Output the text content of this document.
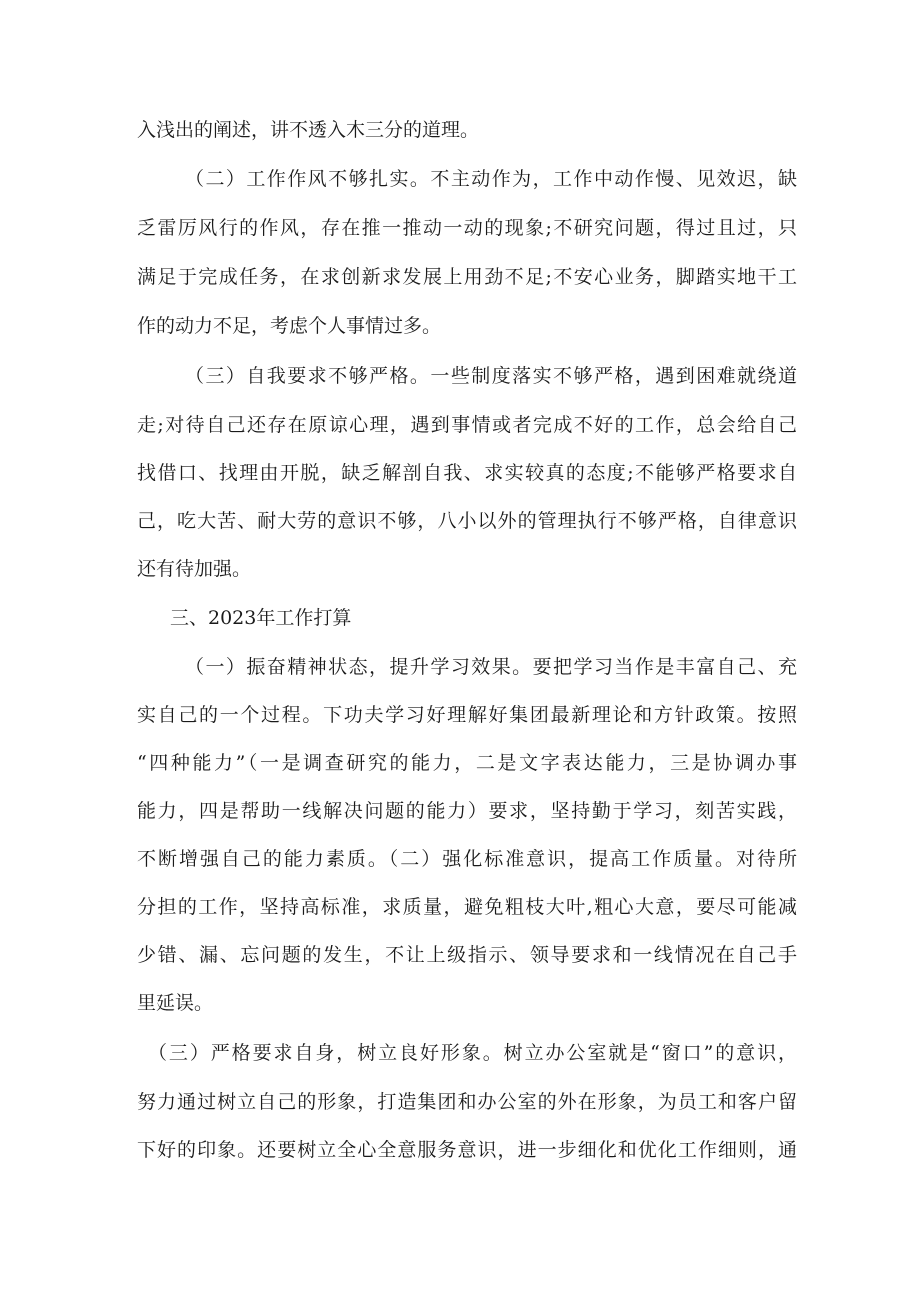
入浅出的阐述，讲不透入木三分的道理。
（二）工作作风不够扎实。不主动作为，工作中动作慢、见效迟，缺
乏雷厉风行的作风，存在推一推动一动的现象;不研究问题，得过且过，只
满足于完成任务，在求创新求发展上用劲不足;不安心业务，脚踏实地干工
作的动力不足，考虑个人事情过多。
（三）自我要求不够严格。一些制度落实不够严格，遇到困难就绕道
走;对待自己还存在原谅心理，遇到事情或者完成不好的工作，总会给自己
找借口、找理由开脱，缺乏解剖自我、求实较真的态度;不能够严格要求自
己，吃大苦、耐大劳的意识不够，八小以外的管理执行不够严格，自律意识
还有待加强。
三、2023年工作打算
（一）振奋精神状态，提升学习效果。要把学习当作是丰富自己、充
实自己的一个过程。下功夫学习好理解好集团最新理论和方针政策。按照
“四种能力”（一是调查研究的能力，二是文字表达能力，三是协调办事
能力，四是帮助一线解决问题的能力）要求，坚持勤于学习，刻苦实践，
不断增强自己的能力素质。（二）强化标准意识，提高工作质量。对待所
分担的工作，坚持高标准，求质量，避免粗枝大叶,粗心大意，要尽可能减
少错、漏、忘问题的发生，不让上级指示、领导要求和一线情况在自己手
里延误。
（三）严格要求自身，树立良好形象。树立办公室就是“窗口”的意识，
努力通过树立自己的形象，打造集团和办公室的外在形象，为员工和客户留
下好的印象。还要树立全心全意服务意识，进一步细化和优化工作细则，通
